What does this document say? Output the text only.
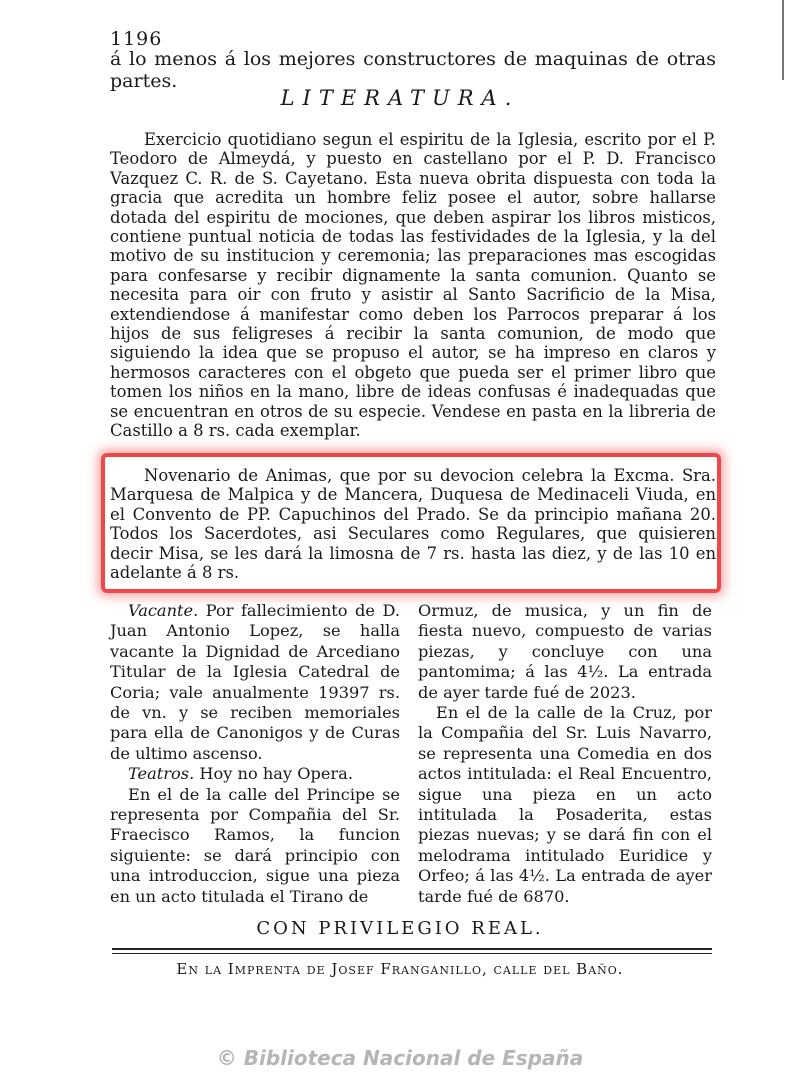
1196
á lo menos á los mejores constructores de maquinas de otras partes.
LITERATURA.
Exercicio quotidiano segun el espiritu de la Iglesia, escrito por el P. Teodoro de Almeydá, y puesto en castellano por el P. D. Francisco Vazquez C. R. de S. Cayetano. Esta nueva obrita dispuesta con toda la gracia que acredita un hombre feliz posee el autor, sobre hallarse dotada del espiritu de mociones, que deben aspirar los libros misticos, contiene puntual noticia de todas las festividades de la Iglesia, y la del motivo de su institucion y ceremonia; las preparaciones mas escogidas para confesarse y recibir dignamente la santa comunion. Quanto se necesita para oir con fruto y asistir al Santo Sacrificio de la Misa, extendiendose á manifestar como deben los Parrocos preparar á los hijos de sus feligreses á recibir la santa comunion, de modo que siguiendo la idea que se propuso el autor, se ha impreso en claros y hermosos caracteres con el obgeto que pueda ser el primer libro que tomen los niños en la mano, libre de ideas confusas é inadequadas que se encuentran en otros de su especie. Vendese en pasta en la libreria de Castillo a 8 rs. cada exemplar.
Novenario de Animas, que por su devocion celebra la Excma. Sra. Marquesa de Malpica y de Mancera, Duquesa de Medinaceli Viuda, en el Convento de PP. Capuchinos del Prado. Se da principio mañana 20. Todos los Sacerdotes, asi Seculares como Regulares, que quisieren decir Misa, se les dará la limosna de 7 rs. hasta las diez, y de las 10 en adelante á 8 rs.

Vacante. Por fallecimiento de D. Juan Antonio Lopez, se halla vacante la Dignidad de Arcediano Titular de la Iglesia Catedral de Coria; vale anualmente 19397 rs. de vn. y se reciben memoriales para ella de Canonigos y de Curas de ultimo ascenso.

Teatros. Hoy no hay Opera.

En el de la calle del Principe se representa por Compañia del Sr. Fraecisco Ramos, la funcion siguiente: se dará principio con una introduccion, sigue una pieza en un acto titulada el Tirano de

Ormuz, de musica, y un fin de fiesta nuevo, compuesto de varias piezas, y concluye con una pantomima; á las 4½. La entrada de ayer tarde fué de 2023.

En el de la calle de la Cruz, por la Compañia del Sr. Luis Navarro, se representa una Comedia en dos actos intitulada: el Real Encuentro, sigue una pieza en un acto intitulada la Posaderita, estas piezas nuevas; y se dará fin con el melodrama intitulado Euridice y Orfeo; á las 4½. La entrada de ayer tarde fué de 6870.

CON PRIVILEGIO REAL.
En la Imprenta de Josef Franganillo, calle del Baño.
© Biblioteca Nacional de España
